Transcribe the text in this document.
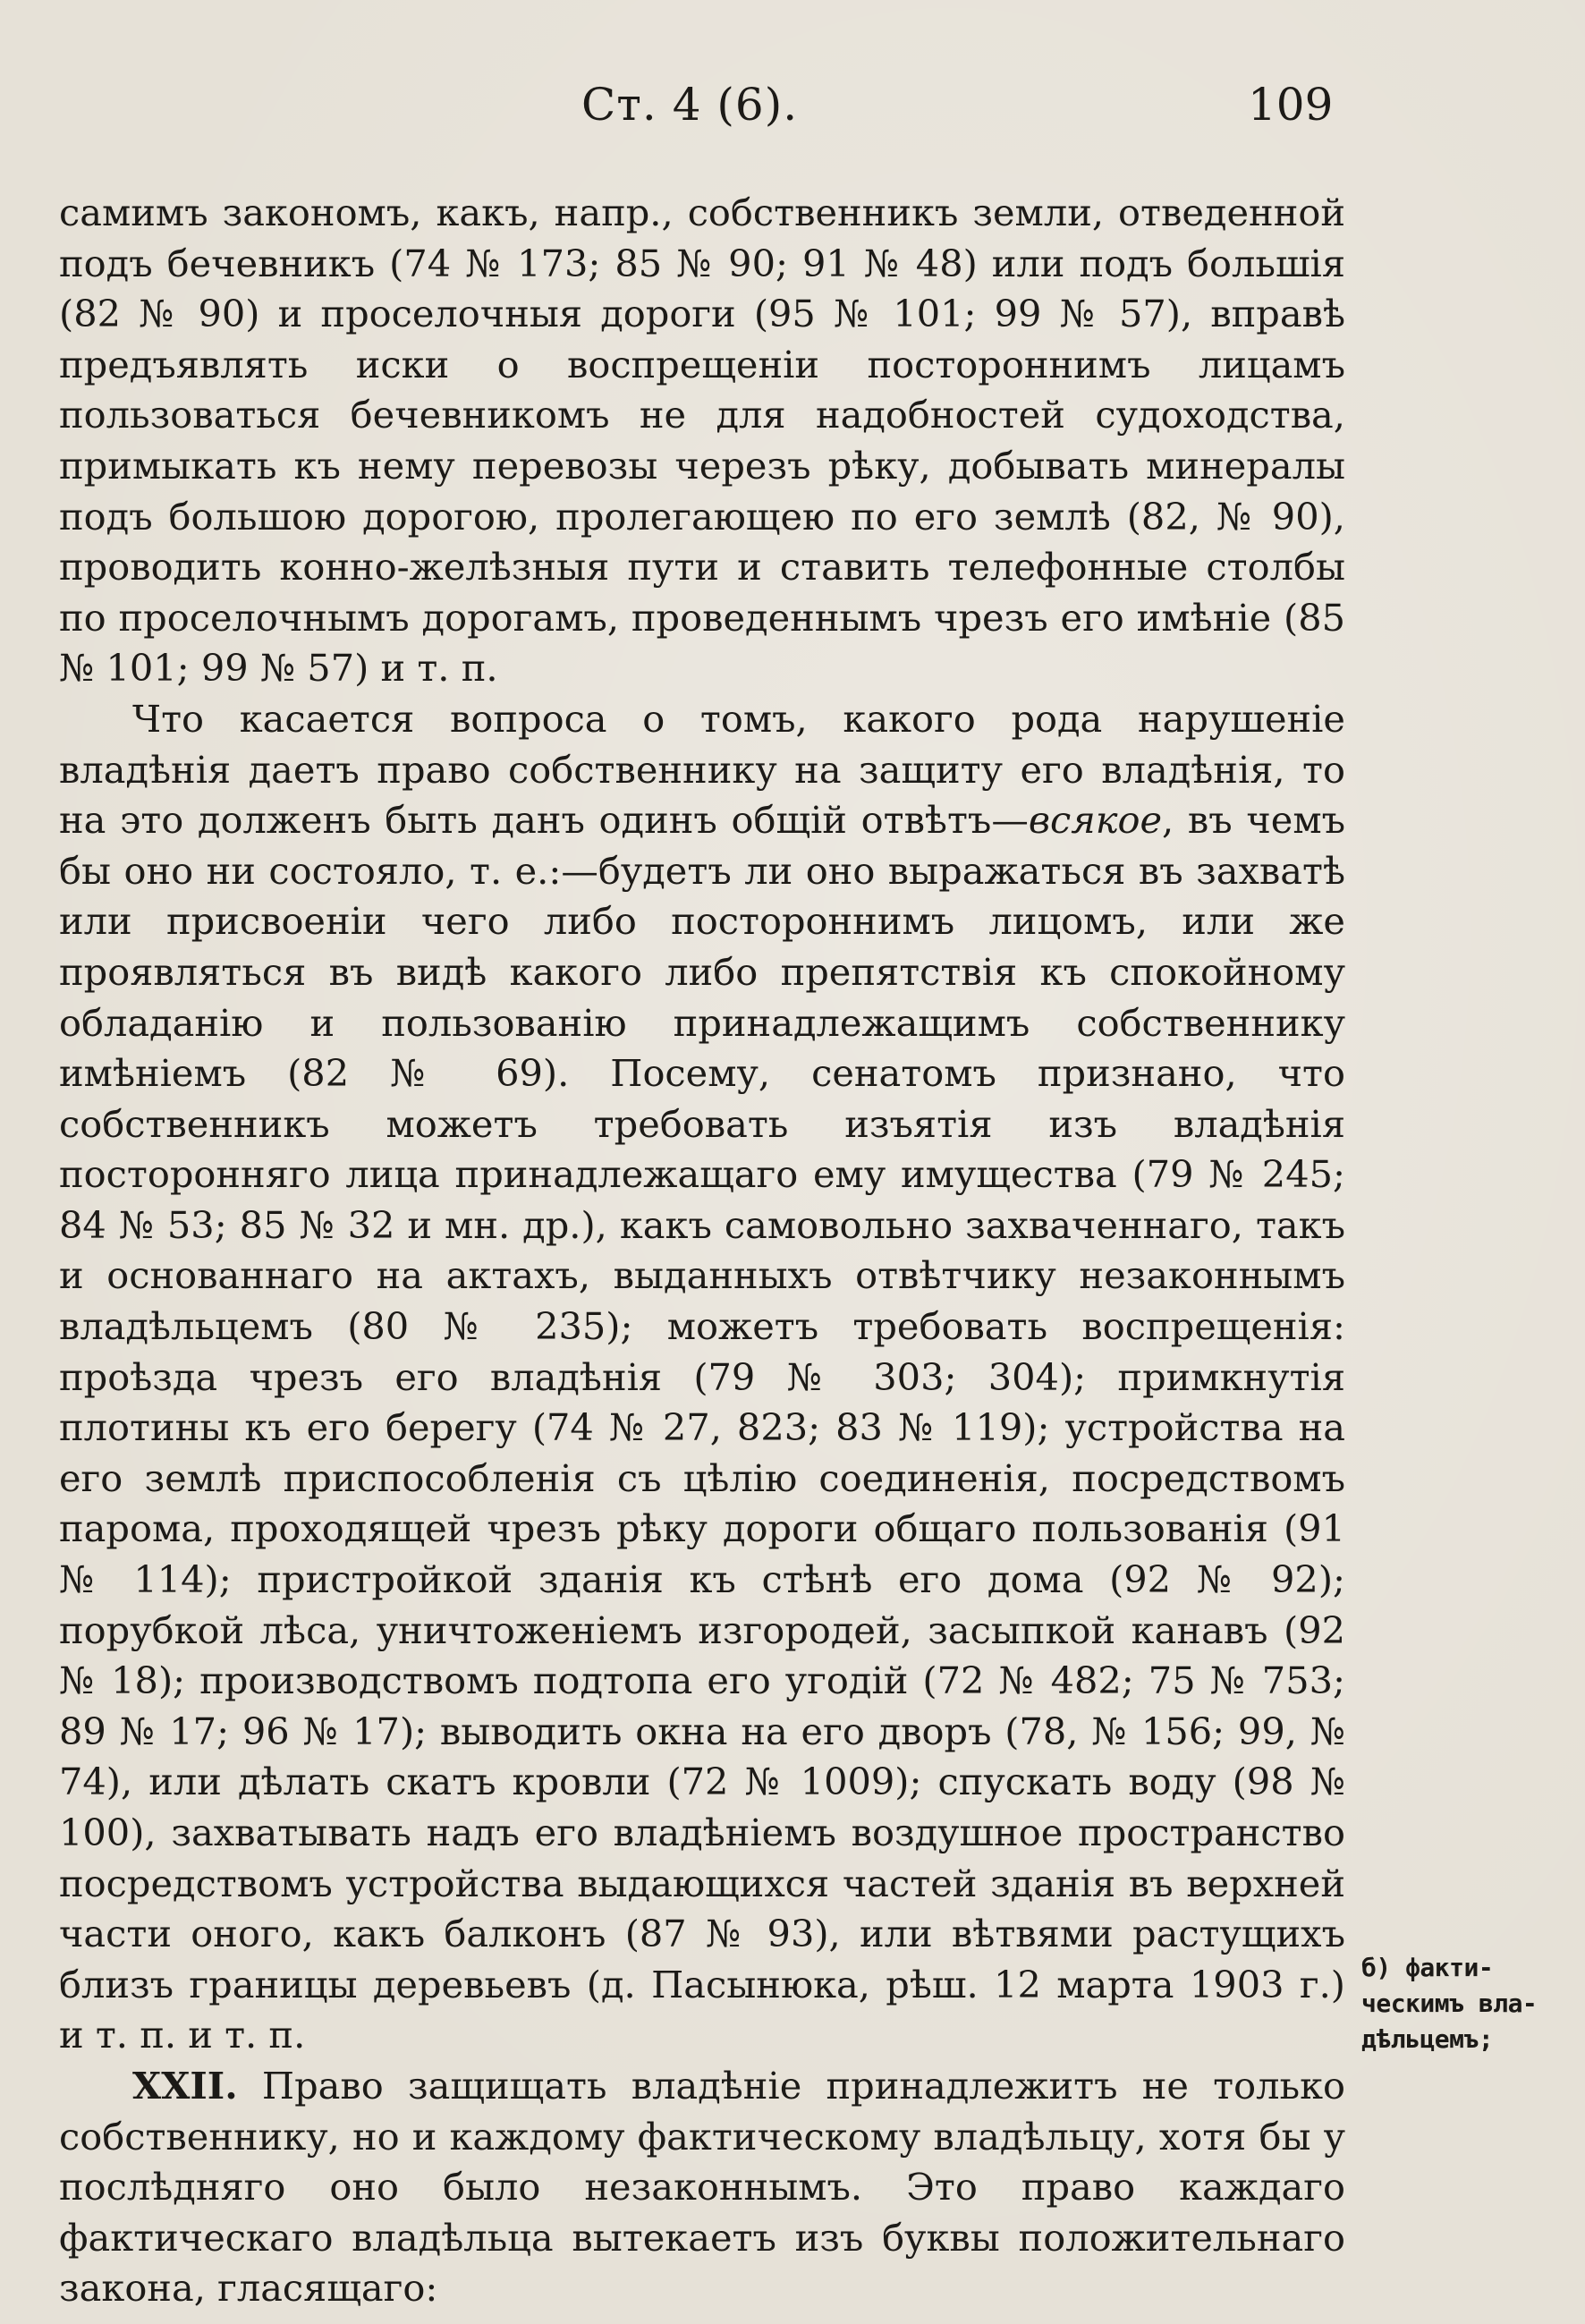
Ст. 4 (6).	109

самимъ закономъ, какъ, напр., собственникъ земли, отведенной подъ бечевникъ (74 № 173; 85 № 90; 91 № 48) или подъ большія (82 № 90) и проселочныя дороги (95 № 101; 99 № 57), вправѣ предъявлять иски о воспрещеніи постороннимъ лицамъ пользоваться бечевникомъ не для надобностей судоходства, примыкать къ нему перевозы черезъ рѣку, добывать минералы подъ большою дорогою, пролегающею по его землѣ (82, № 90), проводить конно-желѣзныя пути и ставить телефонные столбы по проселочнымъ дорогамъ, проведеннымъ чрезъ его имѣніе (85 № 101; 99 № 57) и т. п.

Что касается вопроса о томъ, какого рода нарушеніе владѣнія даетъ право собственнику на защиту его владѣнія, то на это долженъ быть данъ одинъ общій отвѣтъ—всякое, въ чемъ бы оно ни состояло, т. е.:—будетъ ли оно выражаться въ захватѣ или присвоеніи чего либо постороннимъ лицомъ, или же проявляться въ видѣ какого либо препятствія къ спокойному обладанію и пользованію принадлежащимъ собственнику имѣніемъ (82 № 69). Посему, сенатомъ признано, что собственникъ можетъ требовать изъятія изъ владѣнія посторонняго лица принадлежащаго ему имущества (79 № 245; 84 № 53; 85 № 32 и мн. др.), какъ самовольно захваченнаго, такъ и основаннаго на актахъ, выданныхъ отвѣтчику незаконнымъ владѣльцемъ (80 № 235); можетъ требовать воспрещенія: проѣзда чрезъ его владѣнія (79 № 303; 304); примкнутія плотины къ его берегу (74 № 27, 823; 83 № 119); устройства на его землѣ приспособленія съ цѣлію соединенія, посредствомъ парома, проходящей чрезъ рѣку дороги общаго пользованія (91 № 114); пристройкой зданія къ стѣнѣ его дома (92 № 92); порубкой лѣса, уничтоженіемъ изгородей, засыпкой канавъ (92 № 18); производствомъ подтопа его угодій (72 № 482; 75 № 753; 89 № 17; 96 № 17); выводить окна на его дворъ (78, № 156; 99, № 74), или дѣлать скатъ кровли (72 № 1009); спускать воду (98 № 100), захватывать надъ его владѣніемъ воздушное пространство посредствомъ устройства выдающихся частей зданія въ верхней части оного, какъ балконъ (87 № 93), или вѣтвями растущихъ близъ границы деревьевъ (д. Пасынюка, рѣш. 12 марта 1903 г.) и т. п. и т. п.

XXII. Право защищать владѣніе принадлежитъ не только собственнику, но и каждому фактическому владѣльцу, хотя бы у послѣдняго оно было незаконнымъ. Это право каждаго фактическаго владѣльца вытекаетъ изъ буквы положительнаго закона, гласящаго:

б) факти-
ческимъ вла-
дѣльцемъ;
